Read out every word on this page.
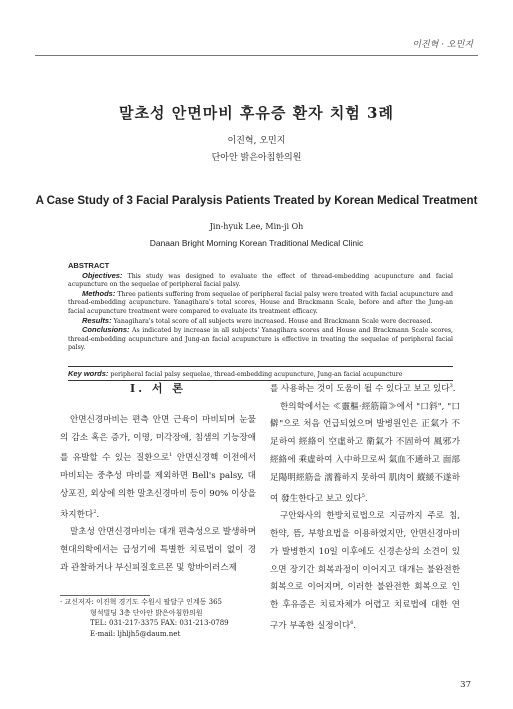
이진혁 · 오민지
말초성 안면마비 후유증 환자 치험 3례
이진혁, 오민지
단아안 밝은아침한의원
A Case Study of 3 Facial Paralysis Patients Treated by Korean Medical Treatment
Jin-hyuk Lee, Min-ji Oh
Danaan Bright Morning Korean Traditional Medical Clinic

ABSTRACT

Objectives: This study was designed to evaluate the effect of thread-embedding acupuncture and facial acupuncture on the sequelae of peripheral facial palsy.

Methods: Three patients suffering from sequelae of peripheral facial palsy were treated with facial acupuncture and thread-embedding acupuncture. Yanagihara's total scores, House and Brackmann Scale, before and after the Jung-an facial acupuncture treatment were compared to evaluate its treatment efficacy.

Results: Yanagihara's total score of all subjects were increased. House and Brackmann Scale were decreased.

Conclusions: As indicated by increase in all subjects' Yanagihara scores and House and Brackmann Scale scores, thread-embedding acupuncture and Jung-an facial acupuncture is effective in treating the sequelae of peripheral facial palsy.

Key words: peripheral facial palsy sequelae, thread-embedding acupuncture, Jung-an facial acupuncture
Ⅰ. 서 론

안면신경마비는 편측 안면 근육이 마비되며 눈물의 감소 혹은 증가, 이명, 미각장애, 침샘의 기능장애를 유발할 수 있는 질환으로$^1$ 안면신경핵 이전에서 마비되는 중추성 마비를 제외하면 Bell's palsy, 대상포진, 외상에 의한 말초신경마비 등이 90% 이상을 차지한다$^2$.

말초성 안면신경마비는 대개 편측성으로 발생하며 현대의학에서는 급성기에 특별한 치료법이 없이 경과 관찰하거나 부신피질호르몬 및 항바이러스제

를 사용하는 것이 도움이 될 수 있다고 보고 있다$^3$.

한의학에서는 ≪靈樞·經筋篇≫에서 "口斜", "口僻"으로 처음 언급되었으며 발병원인은 正氣가 不足하여 經絡이 空虛하고 衛氣가 不固하여 風邪가 經絡에 乘虛하여 入中하므로써 氣血不通하고 面部 足陽明經筋을 濡養하지 못하여 肌肉이 縱緩不遂하여 發生한다고 보고 있다$^5$.

구안와사의 한방치료법으로 지금까지 주로 침, 한약, 뜸, 부항요법을 이용하였지만, 안면신경마비가 발병한지 10일 이후에도 신경손상의 소견이 있으면 장기간 회복과정이 이어지고 대개는 불완전한 회복으로 이어지며, 이러한 불완전한 회복으로 인한 후유증은 치료자체가 어렵고 치료법에 대한 연구가 부족한 실정이다$^6$.

· 교신저자: 이진혁 경기도 수원시 팔달구 인계동 365
형석빌딩 3층 단아안 밝은아침한의원
TEL: 031-217-3375 FAX: 031-213-0789
E-mail: ljhljh5@daum.net
37
